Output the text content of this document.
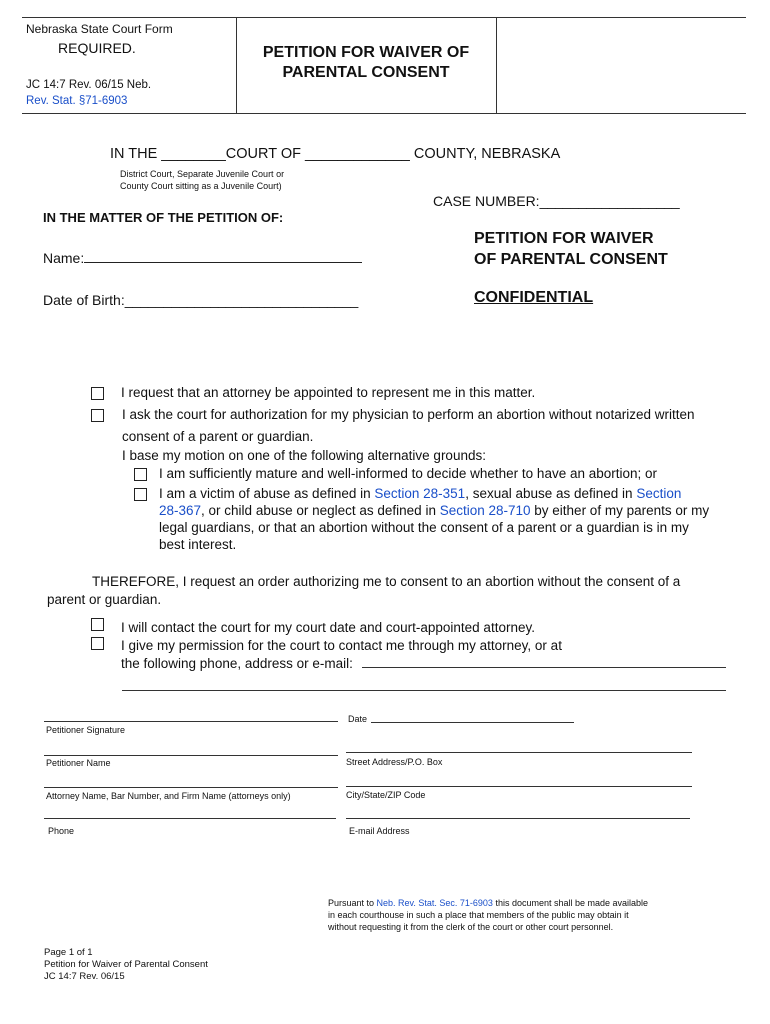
Nebraska State Court Form
REQUIRED.
JC 14:7 Rev. 06/15 Neb.
Rev. Stat. §71-6903
PETITION FOR WAIVER OF
PARENTAL CONSENT
IN THE ________COURT OF _____________ COUNTY, NEBRASKA
District Court, Separate Juvenile Court or
County Court sitting as a Juvenile Court)
CASE NUMBER:__________________
IN THE MATTER OF THE PETITION OF:
Name:
Date of Birth:______________________________
PETITION FOR WAIVER
OF PARENTAL CONSENT
CONFIDENTIAL
I request that an attorney be appointed to represent me in this matter.
I ask the court for authorization for my physician to perform an abortion without notarized written
consent of a parent or guardian.
I base my motion on one of the following alternative grounds:
I am sufficiently mature and well-informed to decide whether to have an abortion; or
I am a victim of abuse as defined in Section 28-351, sexual abuse as defined in Section
28-367, or child abuse or neglect as defined in Section 28-710 by either of my parents or my
legal guardians, or that an abortion without the consent of a parent or a guardian is in my
best interest.
THEREFORE, I request an order authorizing me to consent to an abortion without the consent of a
parent or guardian.
I will contact the court for my court date and court-appointed attorney.
I give my permission for the court to contact me through my attorney, or at
the following phone, address or e-mail:
Date
Petitioner Signature
Petitioner Name	Street Address/P.O. Box
Attorney Name, Bar Number, and Firm Name (attorneys only)	City/State/ZIP Code
Phone	E-mail Address
Pursuant to Neb. Rev. Stat. Sec. 71-6903 this document shall be made available
in each courthouse in such a place that members of the public may obtain it
without requesting it from the clerk of the court or other court personnel.
Page 1 of 1
Petition for Waiver of Parental Consent
JC 14:7 Rev. 06/15
